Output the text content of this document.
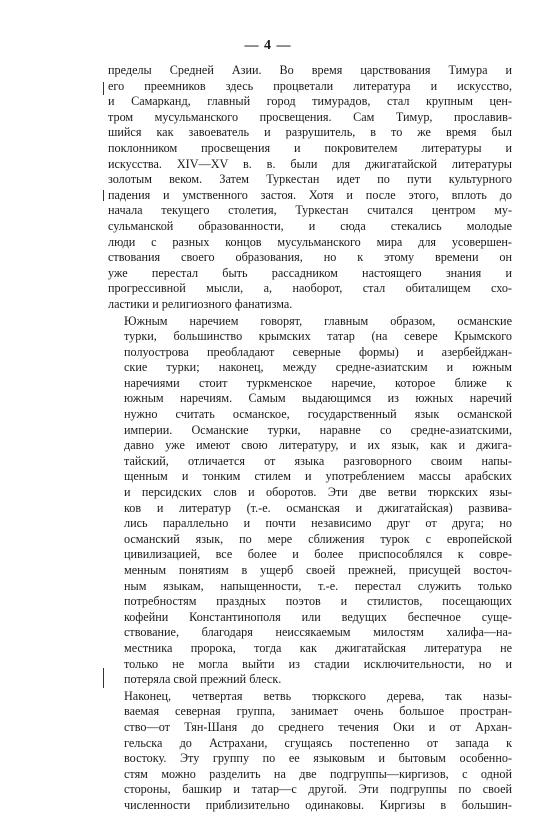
— 4 —
пределы Средней Азии. Во время царствования Тимура и
его преемников здесь процветали литература и искусство,
и Самарканд, главный город тимурадов, стал крупным цен-
тром мусульманского просвещения. Сам Тимур, прославив-
шийся как завоеватель и разрушитель, в то же время был
поклонником просвещения и покровителем литературы и
искусства. XIV—XV в. в. были для джигатайской литературы
золотым веком. Затем Туркестан идет по пути культурного
падения и умственного застоя. Хотя и после этого, вплоть до
начала текущего столетия, Туркестан считался центром му-
сульманской образованности, и сюда стекались молодые
люди с разных концов мусульманского мира для усовершен-
ствования своего образования, но к этому времени он
уже перестал быть рассадником настоящего знания и
прогрессивной мысли, а, наоборот, стал обиталищем схо-
ластики и религиозного фанатизма.
Южным наречием говорят, главным образом, османские
турки, большинство крымских татар (на севере Крымского
полуострова преобладают северные формы) и азербейджан-
ские турки; наконец, между средне-азиатским и южным
наречиями стоит туркменское наречие, которое ближе к
южным наречиям. Самым выдающимся из южных наречий
нужно считать османское, государственный язык османской
империи. Османские турки, наравне со средне-азиатскими,
давно уже имеют свою литературу, и их язык, как и джига-
тайский, отличается от языка разговорного своим напы-
щенным и тонким стилем и употреблением массы арабских
и персидских слов и оборотов. Эти две ветви тюркских язы-
ков и литератур (т.-е. османская и джигатайская) развива-
лись параллельно и почти независимо друг от друга; но
османский язык, по мере сближения турок с европейской
цивилизацией, все более и более приспособлялся к совре-
менным понятиям в ущерб своей прежней, присущей восточ-
ным языкам, напыщенности, т.-е. перестал служить только
потребностям праздных поэтов и стилистов, посещающих
кофейни Константинополя или ведущих беспечное суще-
ствование, благодаря неиссякаемым милостям халифа—на-
местника пророка, тогда как джигатайская литература не
только не могла выйти из стадии исключительности, но и
потеряла свой прежний блеск.
Наконец, четвертая ветвь тюркского дерева, так назы-
ваемая северная группа, занимает очень большое простран-
ство—от Тян-Шаня до среднего течения Оки и от Архан-
гельска до Астрахани, сгущаясь постепенно от запада к
востоку. Эту группу по ее языковым и бытовым особенно-
стям можно разделить на две подгруппы—киргизов, с одной
стороны, башкир и татар—с другой. Эти подгруппы по своей
численности приблизительно одинаковы. Киргизы в большин-
